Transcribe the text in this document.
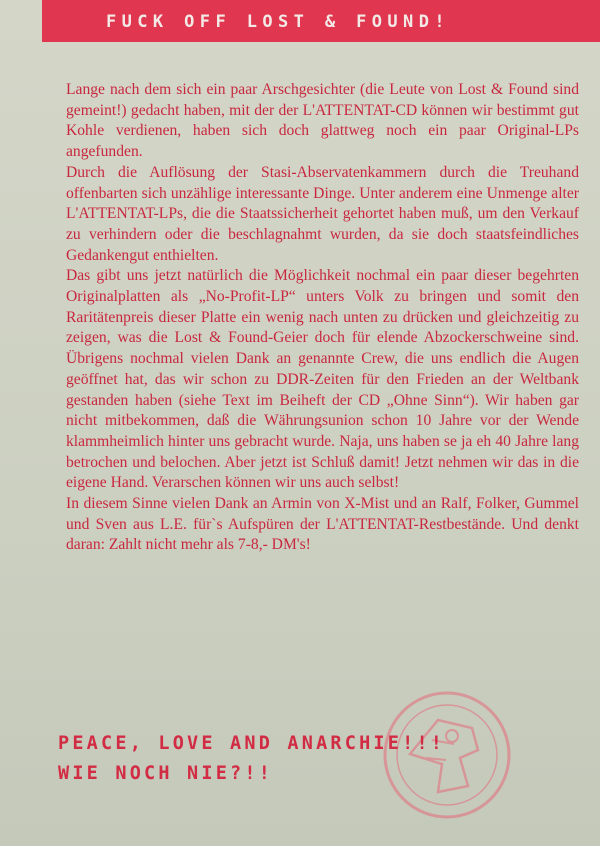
FUCK OFF LOST & FOUND!

Lange nach dem sich ein paar Arschgesichter (die Leute von Lost & Found sind gemeint!) gedacht haben, mit der der L'ATTENTAT-CD können wir bestimmt gut Kohle verdienen, haben sich doch glattweg noch ein paar Original-LPs angefunden.

Durch die Auflösung der Stasi-Abservatenkammern durch die Treuhand offenbarten sich unzählige interessante Dinge. Unter anderem eine Unmenge alter L'ATTENTAT-LPs, die die Staatssicherheit gehortet haben muß, um den Verkauf zu verhindern oder die beschlagnahmt wurden, da sie doch staatsfeindliches Gedankengut enthielten.

Das gibt uns jetzt natürlich die Möglichkeit nochmal ein paar dieser begehrten Originalplatten als „No-Profit-LP“ unters Volk zu bringen und somit den Raritätenpreis dieser Platte ein wenig nach unten zu drücken und gleichzeitig zu zeigen, was die Lost & Found-Geier doch für elende Abzockerschweine sind. Übrigens nochmal vielen Dank an genannte Crew, die uns endlich die Augen geöffnet hat, das wir schon zu DDR-Zeiten für den Frieden an der Weltbank gestanden haben (siehe Text im Beiheft der CD „Ohne Sinn“). Wir haben gar nicht mitbekommen, daß die Währungsunion schon 10 Jahre vor der Wende klammheimlich hinter uns gebracht wurde. Naja, uns haben se ja eh 40 Jahre lang betrochen und belochen. Aber jetzt ist Schluß damit! Jetzt nehmen wir das in die eigene Hand. Verarschen können wir uns auch selbst!

In diesem Sinne vielen Dank an Armin von X-Mist und an Ralf, Folker, Gummel und Sven aus L.E. für`s Aufspüren der L'ATTENTAT-Restbestände. Und denkt daran: Zahlt nicht mehr als 7-8,- DM's!

PEACE, LOVE AND ANARCHIE!!!
WIE NOCH NIE?!!
